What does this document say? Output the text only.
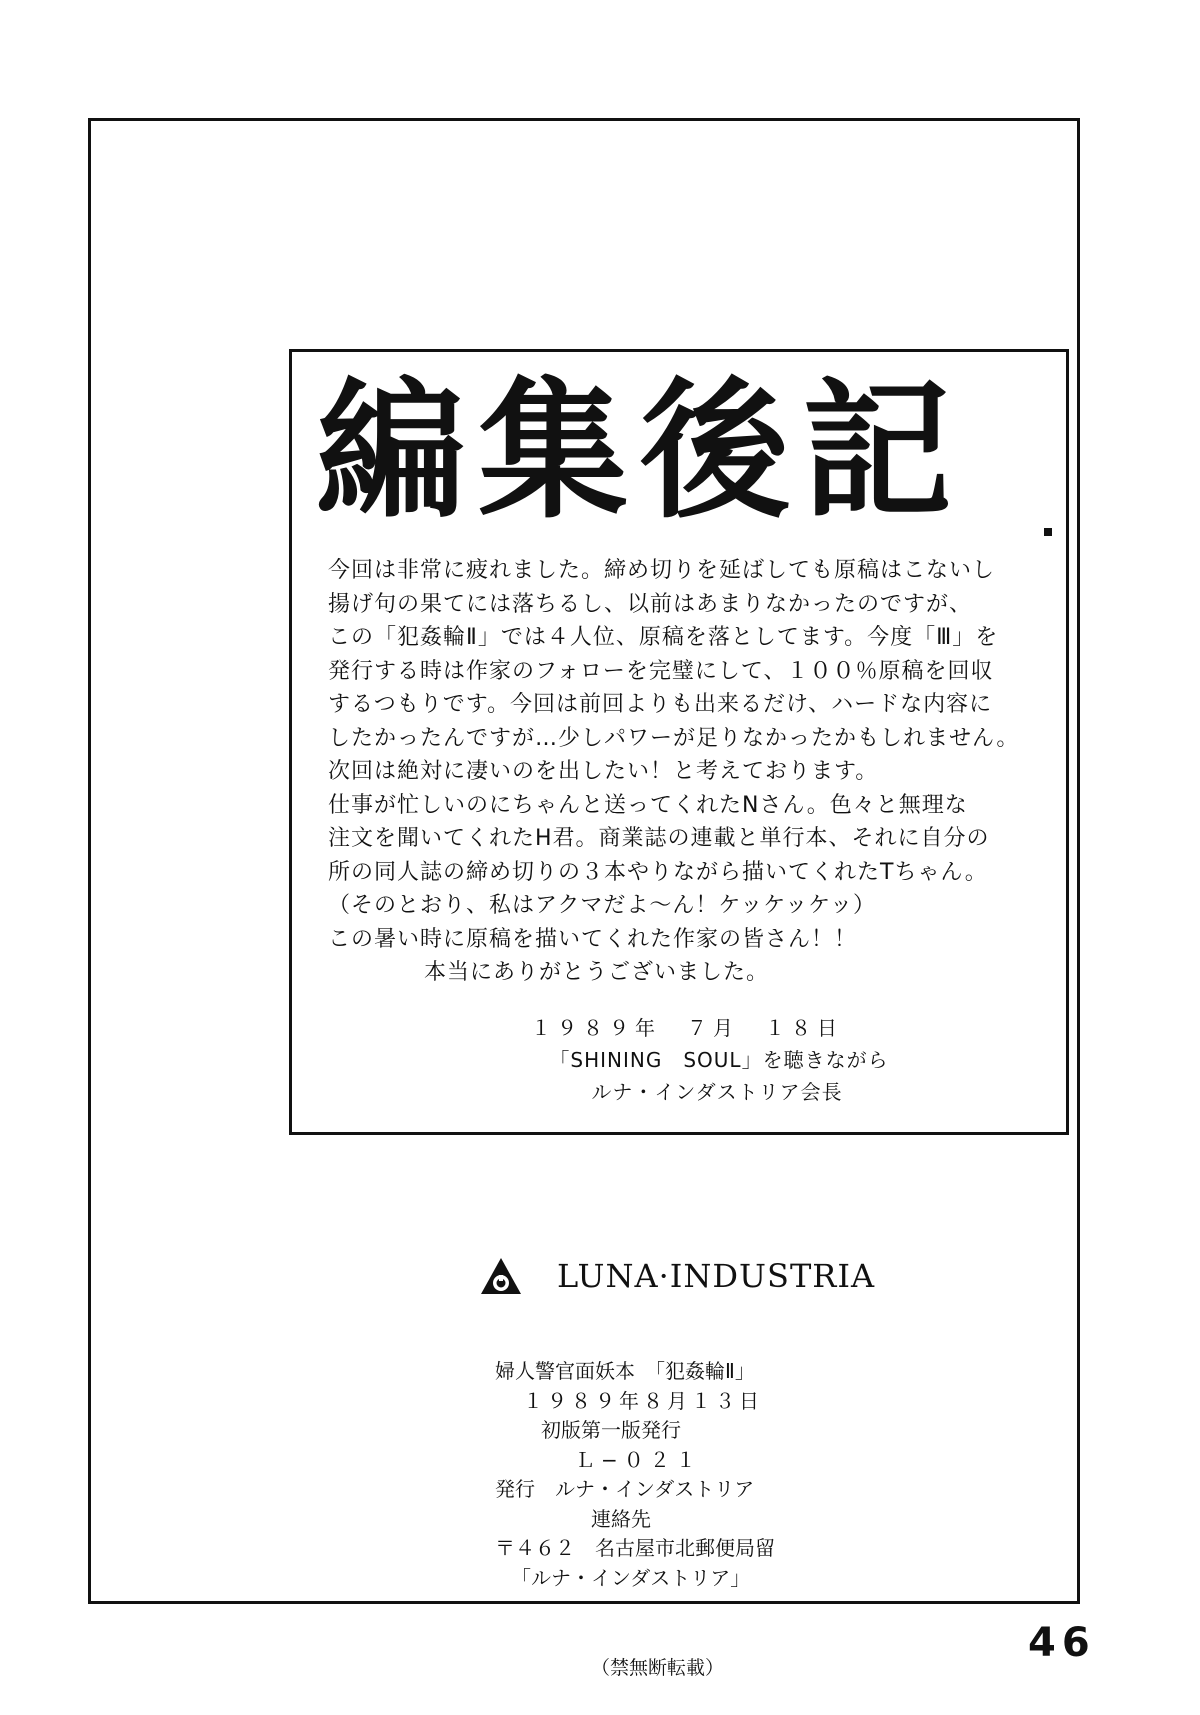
編集後記
今回は非常に疲れました。締め切りを延ばしても原稿はこないし
揚げ句の果てには落ちるし、以前はあまりなかったのですが、
この「犯姦輪Ⅱ」では４人位、原稿を落としてます。今度「Ⅲ」を
発行する時は作家のフォローを完璧にして、１００％原稿を回収
するつもりです。今回は前回よりも出来るだけ、ハードな内容に
したかったんですが…少しパワーが足りなかったかもしれません。
次回は絶対に凄いのを出したい！と考えております。
仕事が忙しいのにちゃんと送ってくれたNさん。色々と無理な
注文を聞いてくれたH君。商業誌の連載と単行本、それに自分の
所の同人誌の締め切りの３本やりながら描いてくれたTちゃん。
（そのとおり、私はアクマだよ〜ん！ケッケッケッ）
この暑い時に原稿を描いてくれた作家の皆さん！！
本当にありがとうございました。
１９８９年　７月　１８日
「SHINING　SOUL」を聴きながら
ルナ・インダストリア会長
LUNA·INDUSTRIA
婦人警官面妖本　「犯姦輪Ⅱ」
１９８９年８月１３日
初版第一版発行
Ｌ−０２１
発行　ルナ・インダストリア
連絡先
〒４６２　名古屋市北郵便局留
「ルナ・インダストリア」
（禁無断転載）
46
